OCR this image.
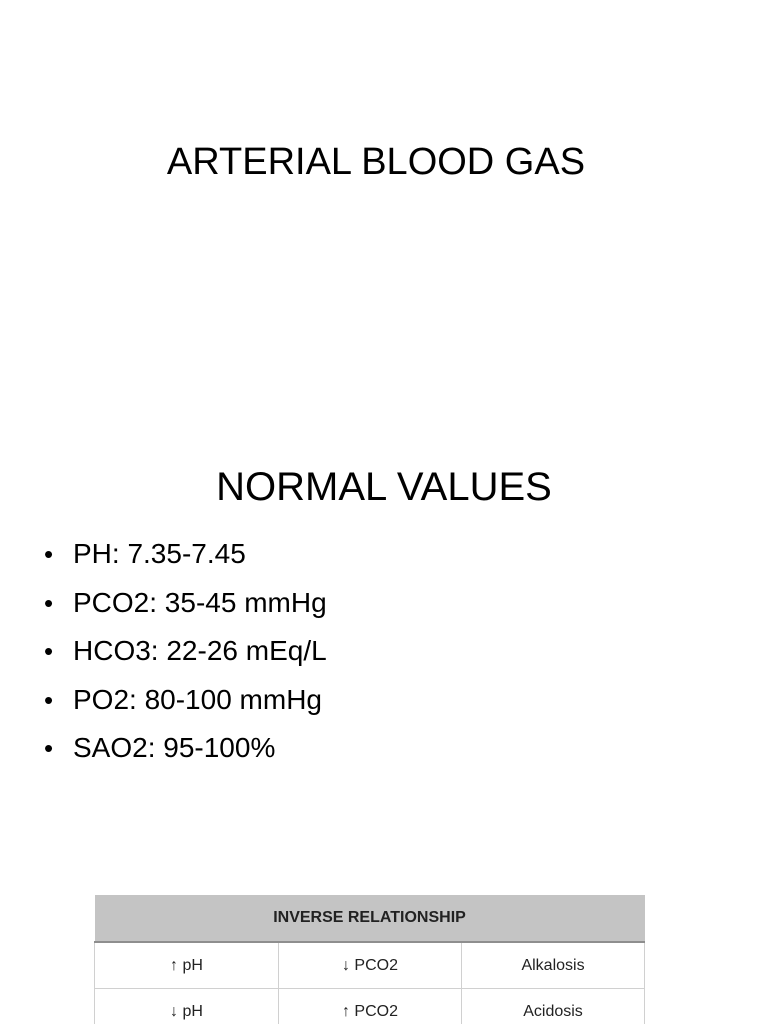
ARTERIAL BLOOD GAS
NORMAL VALUES
• PH: 7.35-7.45
• PCO2: 35-45 mmHg
• HCO3: 22-26 mEq/L
• PO2: 80-100 mmHg
• SAO2: 95-100%
INVERSE RELATIONSHIP		
↑ pH	↓ PCO2	Alkalosis
↓ pH	↑ PCO2	Acidosis
